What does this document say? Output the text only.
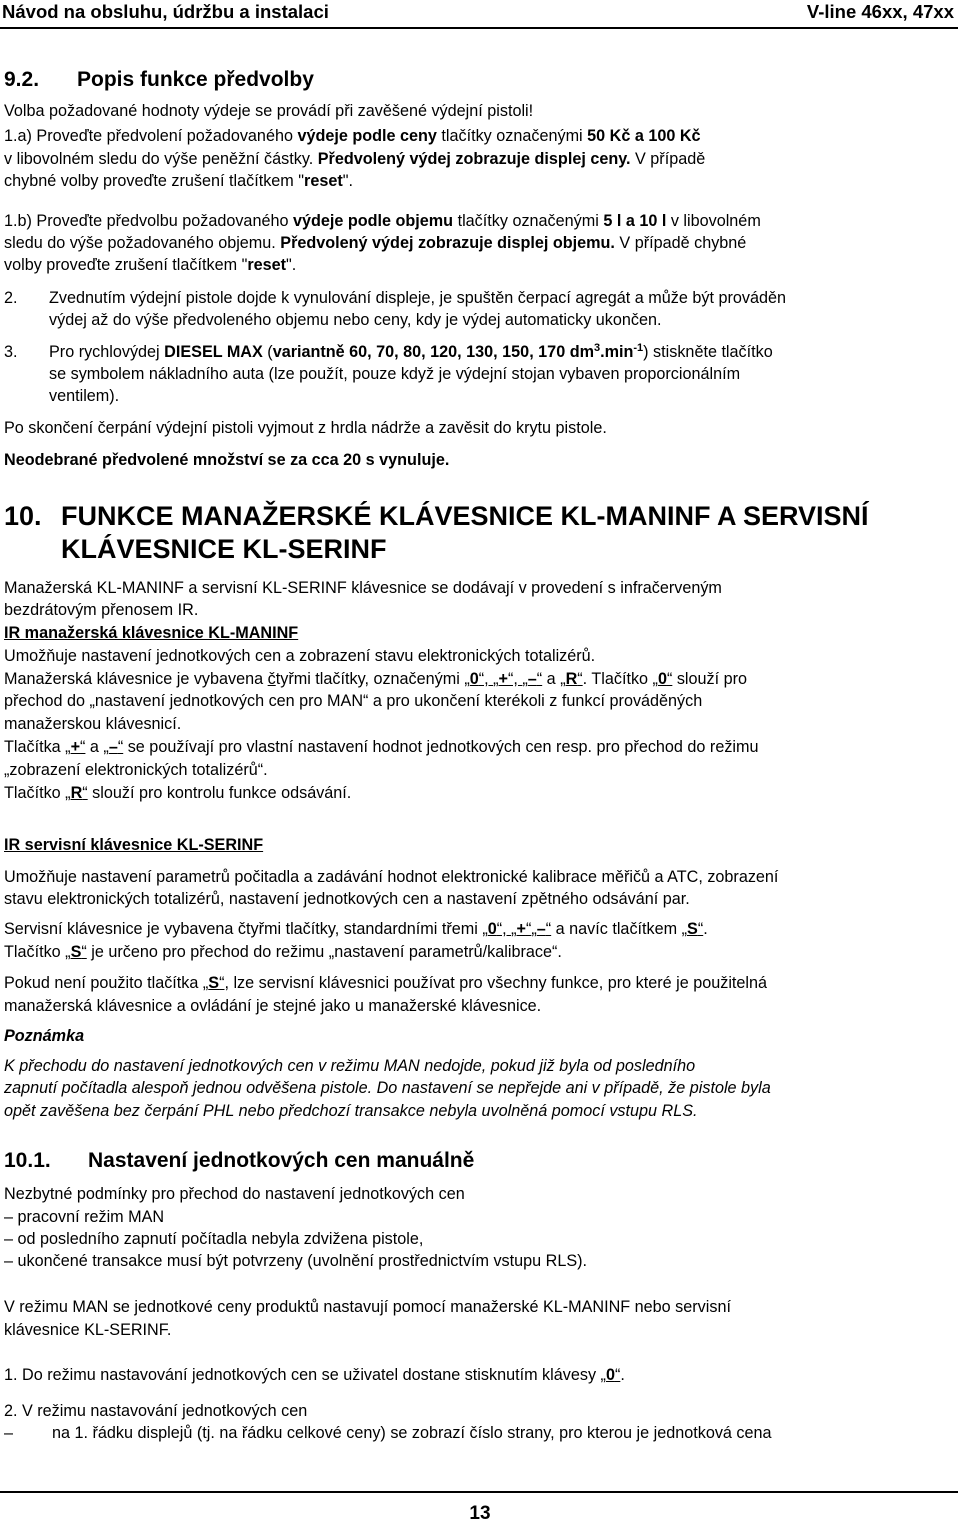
Návod na obsluhu, údržbu a instalaci	V-line 46xx, 47xx
9.2. Popis funkce předvolby
Volba požadované hodnoty výdeje se provádí při zavěšené výdejní pistoli!
1.a) Proveďte předvolení požadovaného výdeje podle ceny tlačítky označenými 50 Kč a 100 Kč
v libovolném sledu do výše peněžní částky. Předvolený výdej zobrazuje displej ceny. V případě
chybné volby proveďte zrušení tlačítkem "reset".
1.b) Proveďte předvolbu požadovaného výdeje podle objemu tlačítky označenými 5 l a 10 l v libovolném
sledu do výše požadovaného objemu. Předvolený výdej zobrazuje displej objemu. V případě chybné
volby proveďte zrušení tlačítkem "reset".
2.	Zvednutím výdejní pistole dojde k vynulování displeje, je spuštěn čerpací agregát a může být prováděn
výdej až do výše předvoleného objemu nebo ceny, kdy je výdej automaticky ukončen.
3.	Pro rychlovýdej DIESEL MAX (variantně 60, 70, 80, 120, 130, 150, 170 $dm^3.\min^{-1}$) stiskněte tlačítko
se symbolem nákladního auta (lze použít, pouze když je výdejní stojan vybaven proporcionálním
ventilem).
Po skončení čerpání výdejní pistoli vyjmout z hrdla nádrže a zavěsit do krytu pistole.
Neodebrané předvolené množství se za cca 20 s vynuluje.
10. FUNKCE MANAŽERSKÉ KLÁVESNICE KL-MANINF A SERVISNÍ
KLÁVESNICE KL-SERINF
Manažerská KL-MANINF a servisní KL-SERINF klávesnice se dodávají v provedení s infračerveným
bezdrátovým přenosem IR.
IR manažerská klávesnice KL-MANINF
Umožňuje nastavení jednotkových cen a zobrazení stavu elektronických totalizérů.
Manažerská klávesnice je vybavena čtyřmi tlačítky, označenými „0“, „+“, „–“ a „R“. Tlačítko „0“ slouží pro
přechod do „nastavení jednotkových cen pro MAN“ a pro ukončení kterékoli z funkcí prováděných
manažerskou klávesnicí.
Tlačítka „+“ a „–“ se používají pro vlastní nastavení hodnot jednotkových cen resp. pro přechod do režimu
„zobrazení elektronických totalizérů“.
Tlačítko „R“ slouží pro kontrolu funkce odsávání.
IR servisní klávesnice KL-SERINF
Umožňuje nastavení parametrů počitadla a zadávání hodnot elektronické kalibrace měřičů a ATC, zobrazení
stavu elektronických totalizérů, nastavení jednotkových cen a nastavení zpětného odsávání par.
Servisní klávesnice je vybavena čtyřmi tlačítky, standardními třemi „0“, „+“„–“ a navíc tlačítkem „S“.
Tlačítko „S“ je určeno pro přechod do režimu „nastavení parametrů/kalibrace“.
Pokud není použito tlačítka „S“, lze servisní klávesnici používat pro všechny funkce, pro které je použitelná
manažerská klávesnice a ovládání je stejné jako u manažerské klávesnice.
Poznámka
K přechodu do nastavení jednotkových cen v režimu MAN nedojde, pokud již byla od posledního
zapnutí počítadla alespoň jednou odvěšena pistole. Do nastavení se nepřejde ani v případě, že pistole byla
opět zavěšena bez čerpání PHL nebo předchozí transakce nebyla uvolněná pomocí vstupu RLS.
10.1. Nastavení jednotkových cen manuálně
Nezbytné podmínky pro přechod do nastavení jednotkových cen
– pracovní režim MAN
– od posledního zapnutí počítadla nebyla zdvižena pistole,
– ukončené transakce musí být potvrzeny (uvolnění prostřednictvím vstupu RLS).
V režimu MAN se jednotkové ceny produktů nastavují pomocí manažerské KL-MANINF nebo servisní
klávesnice KL-SERINF.
1. Do režimu nastavování jednotkových cen se uživatel dostane stisknutím klávesy „0“.
2. V režimu nastavování jednotkových cen
–	na 1. řádku displejů (tj. na řádku celkové ceny) se zobrazí číslo strany, pro kterou je jednotková cena
13
